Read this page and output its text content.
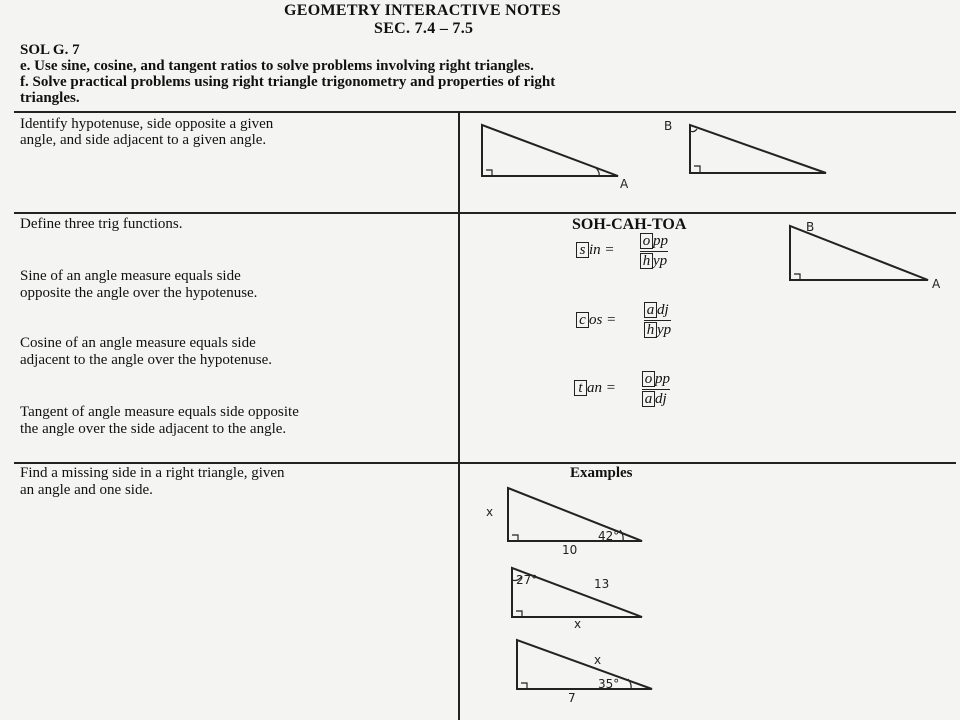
GEOMETRY INTERACTIVE NOTES
SEC. 7.4 – 7.5
SOL G. 7
e. Use sine, cosine, and tangent ratios to solve problems involving right triangles.
f. Solve practical problems using right triangle trigonometry and properties of right
triangles.
Identify hypotenuse, side opposite a given
angle, and side adjacent to a given angle.
Define three trig functions.
Sine of an angle measure equals side
opposite the angle over the hypotenuse.
Cosine of an angle measure equals side
adjacent to the angle over the hypotenuse.
Tangent of angle measure equals side opposite
the angle over the side adjacent to the angle.
SOH-CAH-TOA
s in =
o pp
h yp
c os =
a dj
h yp
t an =
o pp
a dj
Find a missing side in a right triangle, given
an angle and one side.
Examples
A
B
B
A
x
42°
10
27°	13
x
x
35°
7
